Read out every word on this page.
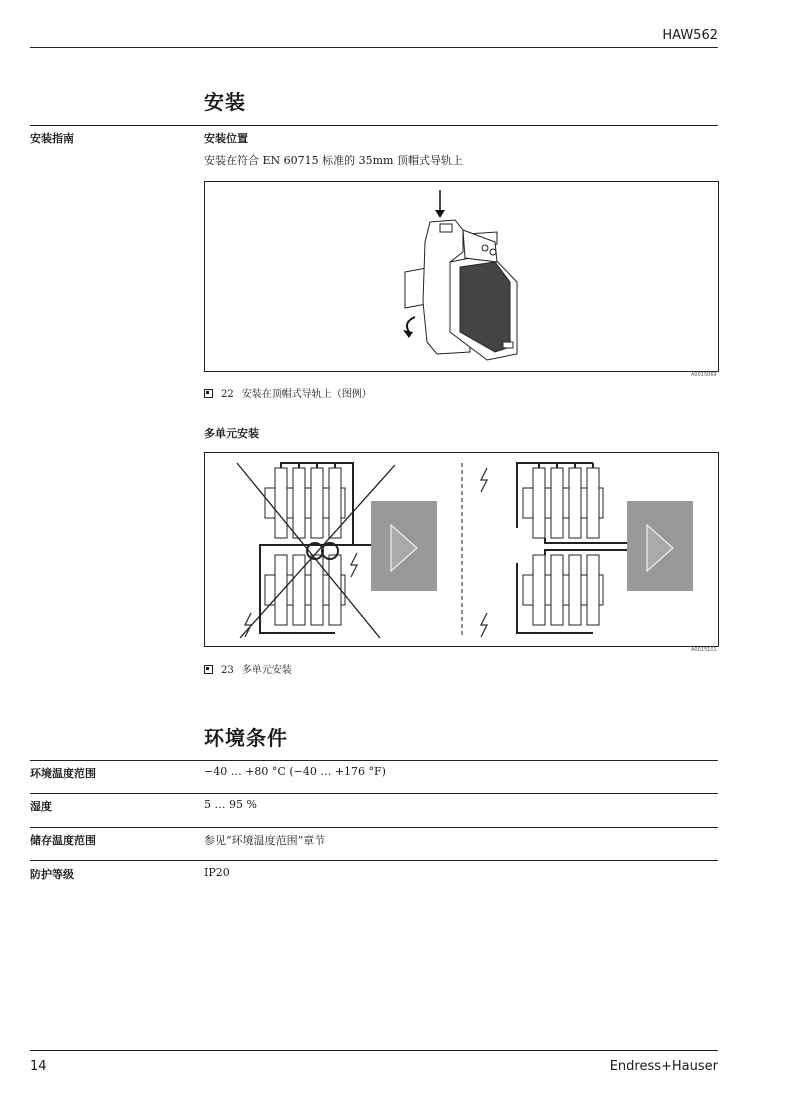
HAW562
安装
安装指南	安装位置
安装在符合 EN 60715 标准的 35mm 顶帽式导轨上
A0015069
22 安装在顶帽式导轨上（图例）
多单元安装
A0015101
23 多单元安装
环境条件
环境温度范围	−40 … +80 °C (−40 … +176 °F)
湿度	5 … 95 %
储存温度范围	参见“环境温度范围”章节
防护等级	IP20
14	Endress+Hauser
